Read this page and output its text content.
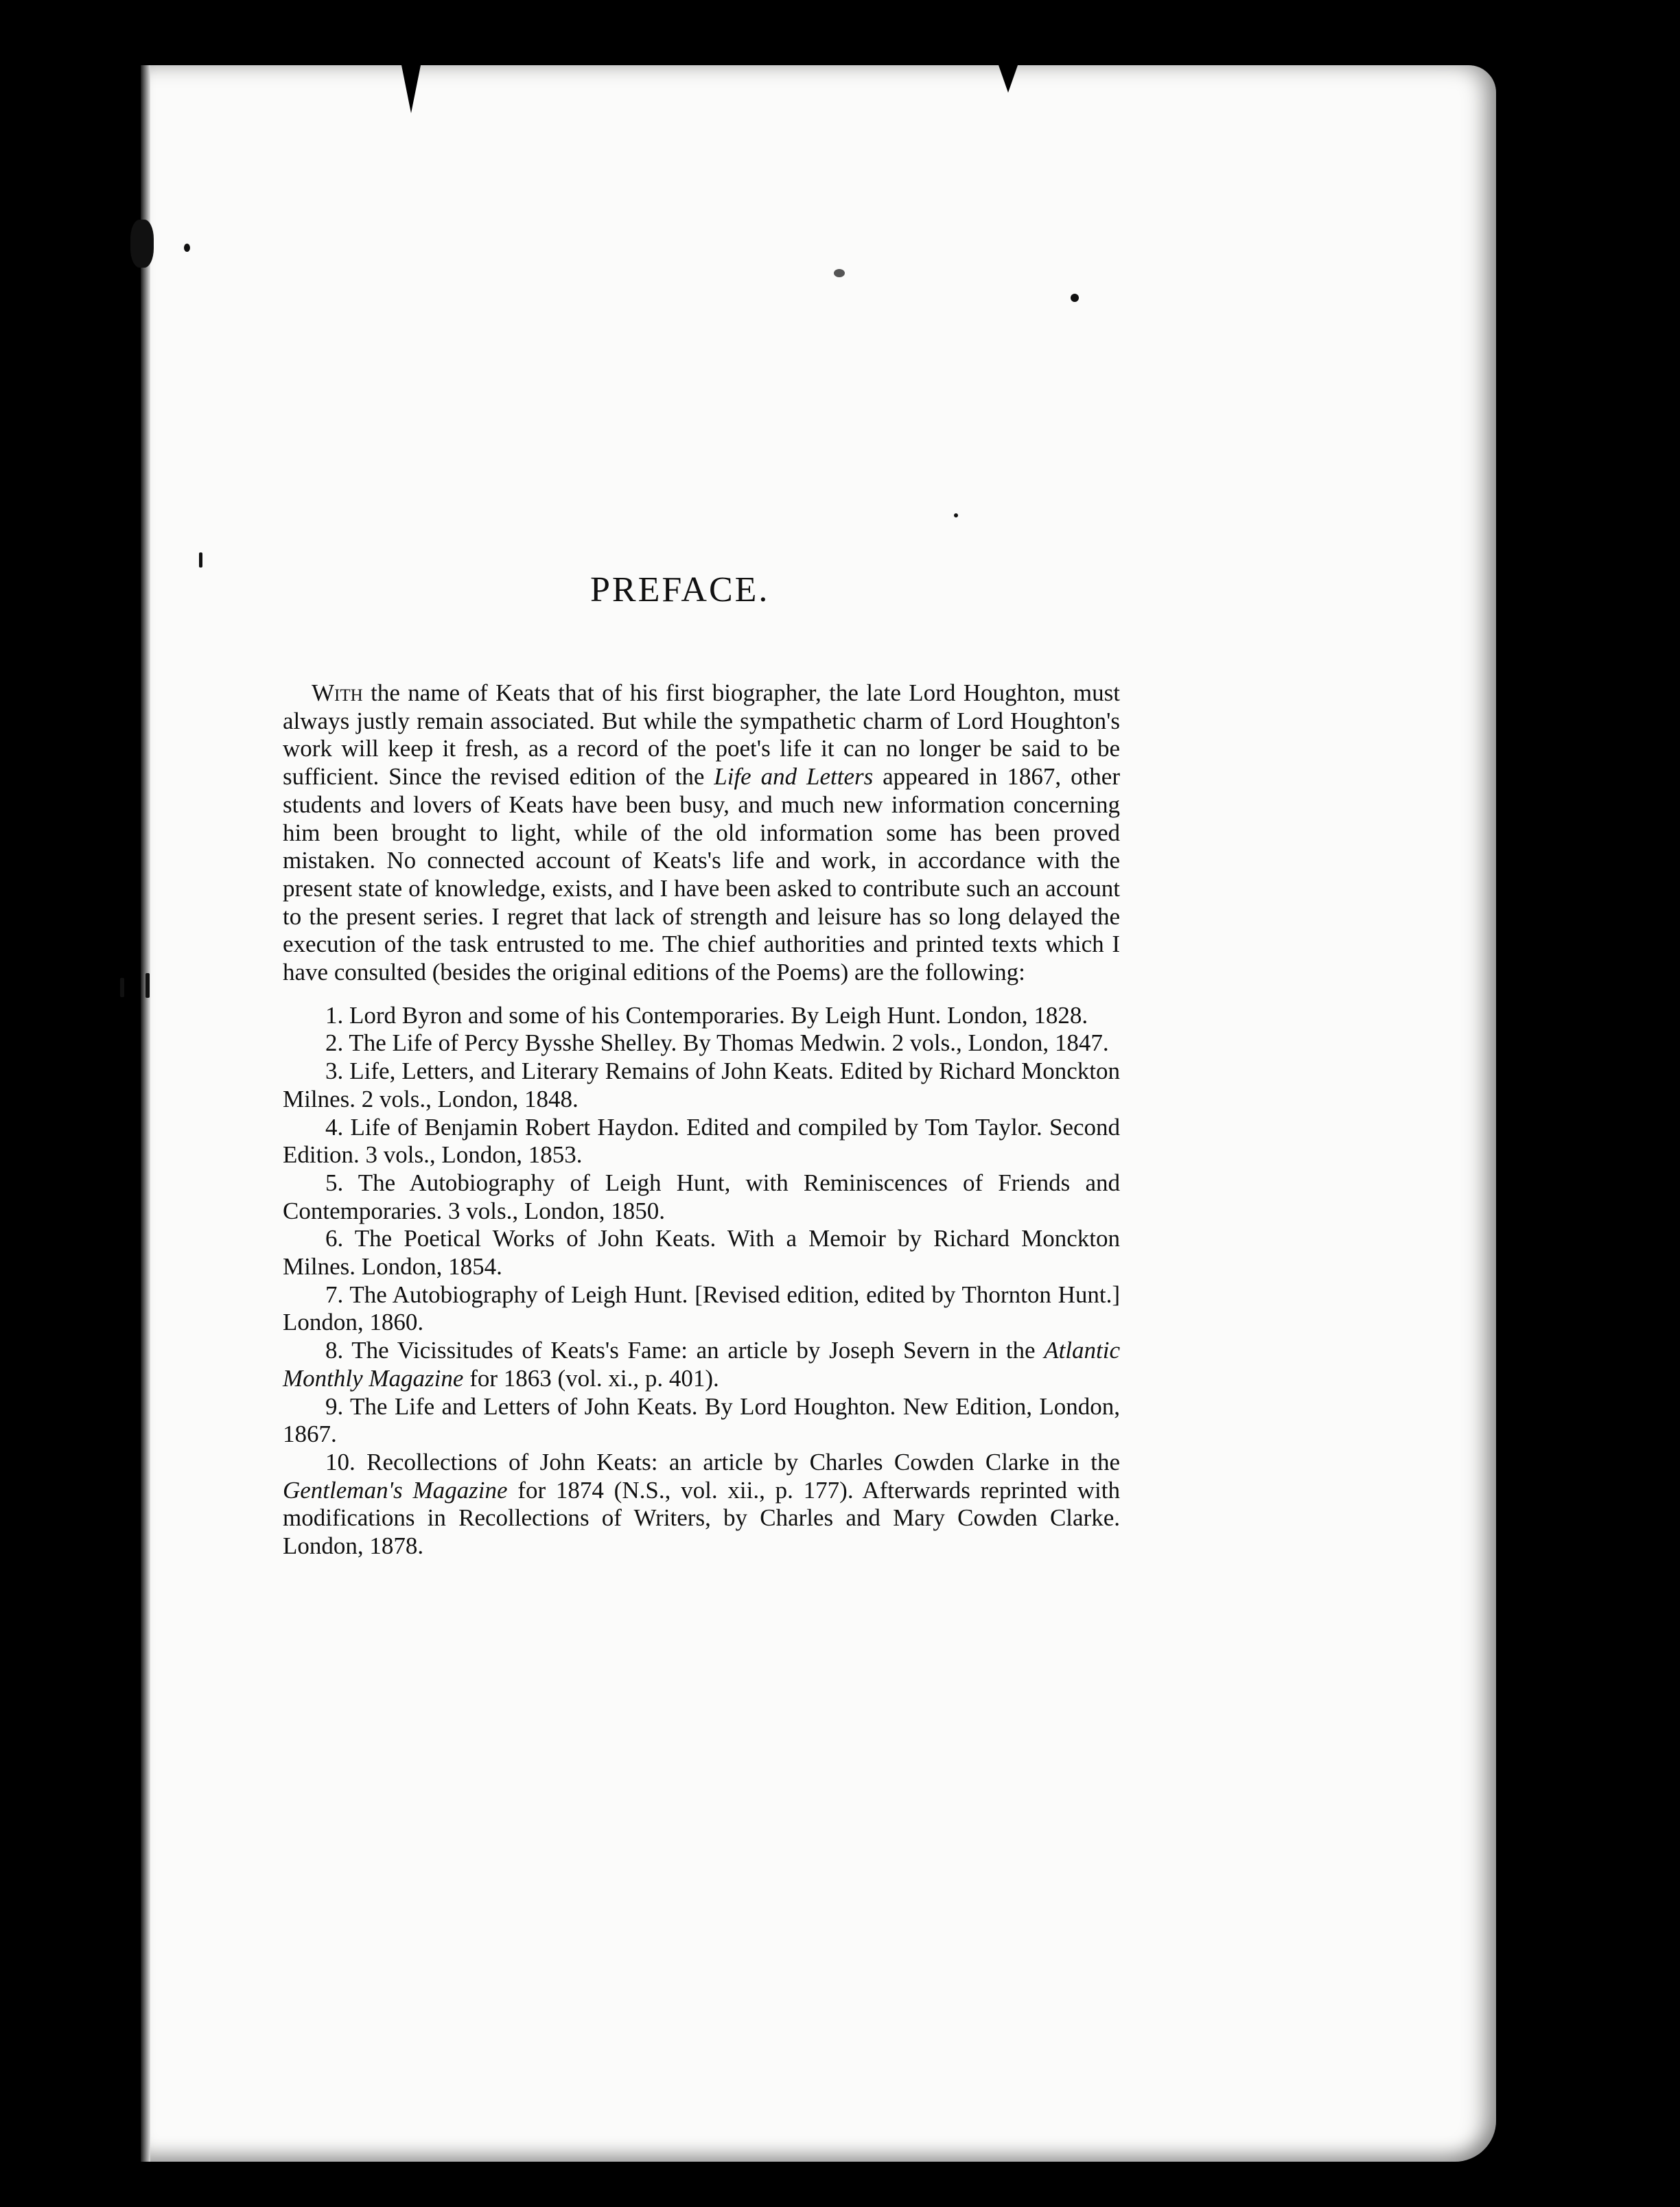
PREFACE.

With the name of Keats that of his first biographer, the late Lord Houghton, must always justly remain associated. But while the sympathetic charm of Lord Houghton's work will keep it fresh, as a record of the poet's life it can no longer be said to be sufficient. Since the revised edition of the Life and Letters appeared in 1867, other students and lovers of Keats have been busy, and much new information concerning him been brought to light, while of the old information some has been proved mistaken. No connected account of Keats's life and work, in accordance with the present state of knowledge, exists, and I have been asked to contribute such an account to the present series. I regret that lack of strength and leisure has so long delayed the execution of the task entrusted to me. The chief authorities and printed texts which I have consulted (besides the original editions of the Poems) are the following:

1. Lord Byron and some of his Contemporaries. By Leigh Hunt. London, 1828.
2. The Life of Percy Bysshe Shelley. By Thomas Medwin. 2 vols., London, 1847.
3. Life, Letters, and Literary Remains of John Keats. Edited by Richard Monckton Milnes. 2 vols., London, 1848.
4. Life of Benjamin Robert Haydon. Edited and compiled by Tom Taylor. Second Edition. 3 vols., London, 1853.
5. The Autobiography of Leigh Hunt, with Reminiscences of Friends and Contemporaries. 3 vols., London, 1850.
6. The Poetical Works of John Keats. With a Memoir by Richard Monckton Milnes. London, 1854.
7. The Autobiography of Leigh Hunt. [Revised edition, edited by Thornton Hunt.] London, 1860.
8. The Vicissitudes of Keats's Fame: an article by Joseph Severn in the Atlantic Monthly Magazine for 1863 (vol. xi., p. 401).
9. The Life and Letters of John Keats. By Lord Houghton. New Edition, London, 1867.
10. Recollections of John Keats: an article by Charles Cowden Clarke in the Gentleman's Magazine for 1874 (N.S., vol. xii., p. 177). Afterwards reprinted with modifications in Recollections of Writers, by Charles and Mary Cowden Clarke. London, 1878.
